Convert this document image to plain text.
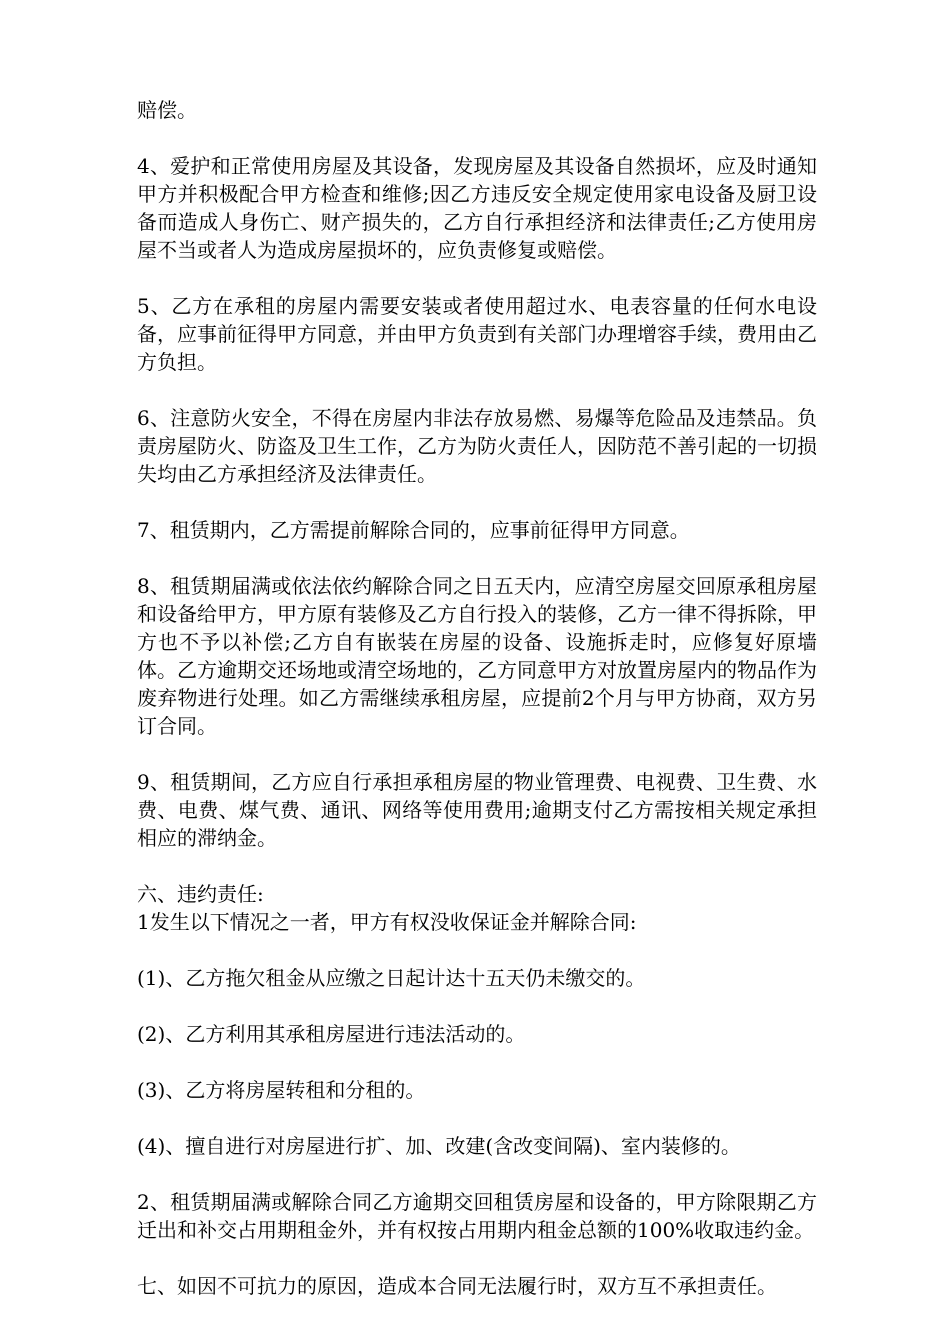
赔偿。

4、爱护和正常使用房屋及其设备，发现房屋及其设备自然损坏，应及时通知甲方并积极配合甲方检查和维修;因乙方违反安全规定使用家电设备及厨卫设备而造成人身伤亡、财产损失的，乙方自行承担经济和法律责任;乙方使用房屋不当或者人为造成房屋损坏的，应负责修复或赔偿。

5、乙方在承租的房屋内需要安装或者使用超过水、电表容量的任何水电设备，应事前征得甲方同意，并由甲方负责到有关部门办理增容手续，费用由乙方负担。

6、注意防火安全，不得在房屋内非法存放易燃、易爆等危险品及违禁品。负责房屋防火、防盗及卫生工作，乙方为防火责任人，因防范不善引起的一切损失均由乙方承担经济及法律责任。

7、租赁期内，乙方需提前解除合同的，应事前征得甲方同意。

8、租赁期届满或依法依约解除合同之日五天内，应清空房屋交回原承租房屋和设备给甲方，甲方原有装修及乙方自行投入的装修，乙方一律不得拆除，甲方也不予以补偿;乙方自有嵌装在房屋的设备、设施拆走时，应修复好原墙体。乙方逾期交还场地或清空场地的，乙方同意甲方对放置房屋内的物品作为废弃物进行处理。如乙方需继续承租房屋，应提前2个月与甲方协商，双方另订合同。

9、租赁期间，乙方应自行承担承租房屋的物业管理费、电视费、卫生费、水费、电费、煤气费、通讯、网络等使用费用;逾期支付乙方需按相关规定承担相应的滞纳金。

六、违约责任:

1发生以下情况之一者，甲方有权没收保证金并解除合同:

(1)、乙方拖欠租金从应缴之日起计达十五天仍未缴交的。

(2)、乙方利用其承租房屋进行违法活动的。

(3)、乙方将房屋转租和分租的。

(4)、擅自进行对房屋进行扩、加、改建(含改变间隔)、室内装修的。

2、租赁期届满或解除合同乙方逾期交回租赁房屋和设备的，甲方除限期乙方迁出和补交占用期租金外，并有权按占用期内租金总额的100%收取违约金。

七、如因不可抗力的原因，造成本合同无法履行时，双方互不承担责任。
